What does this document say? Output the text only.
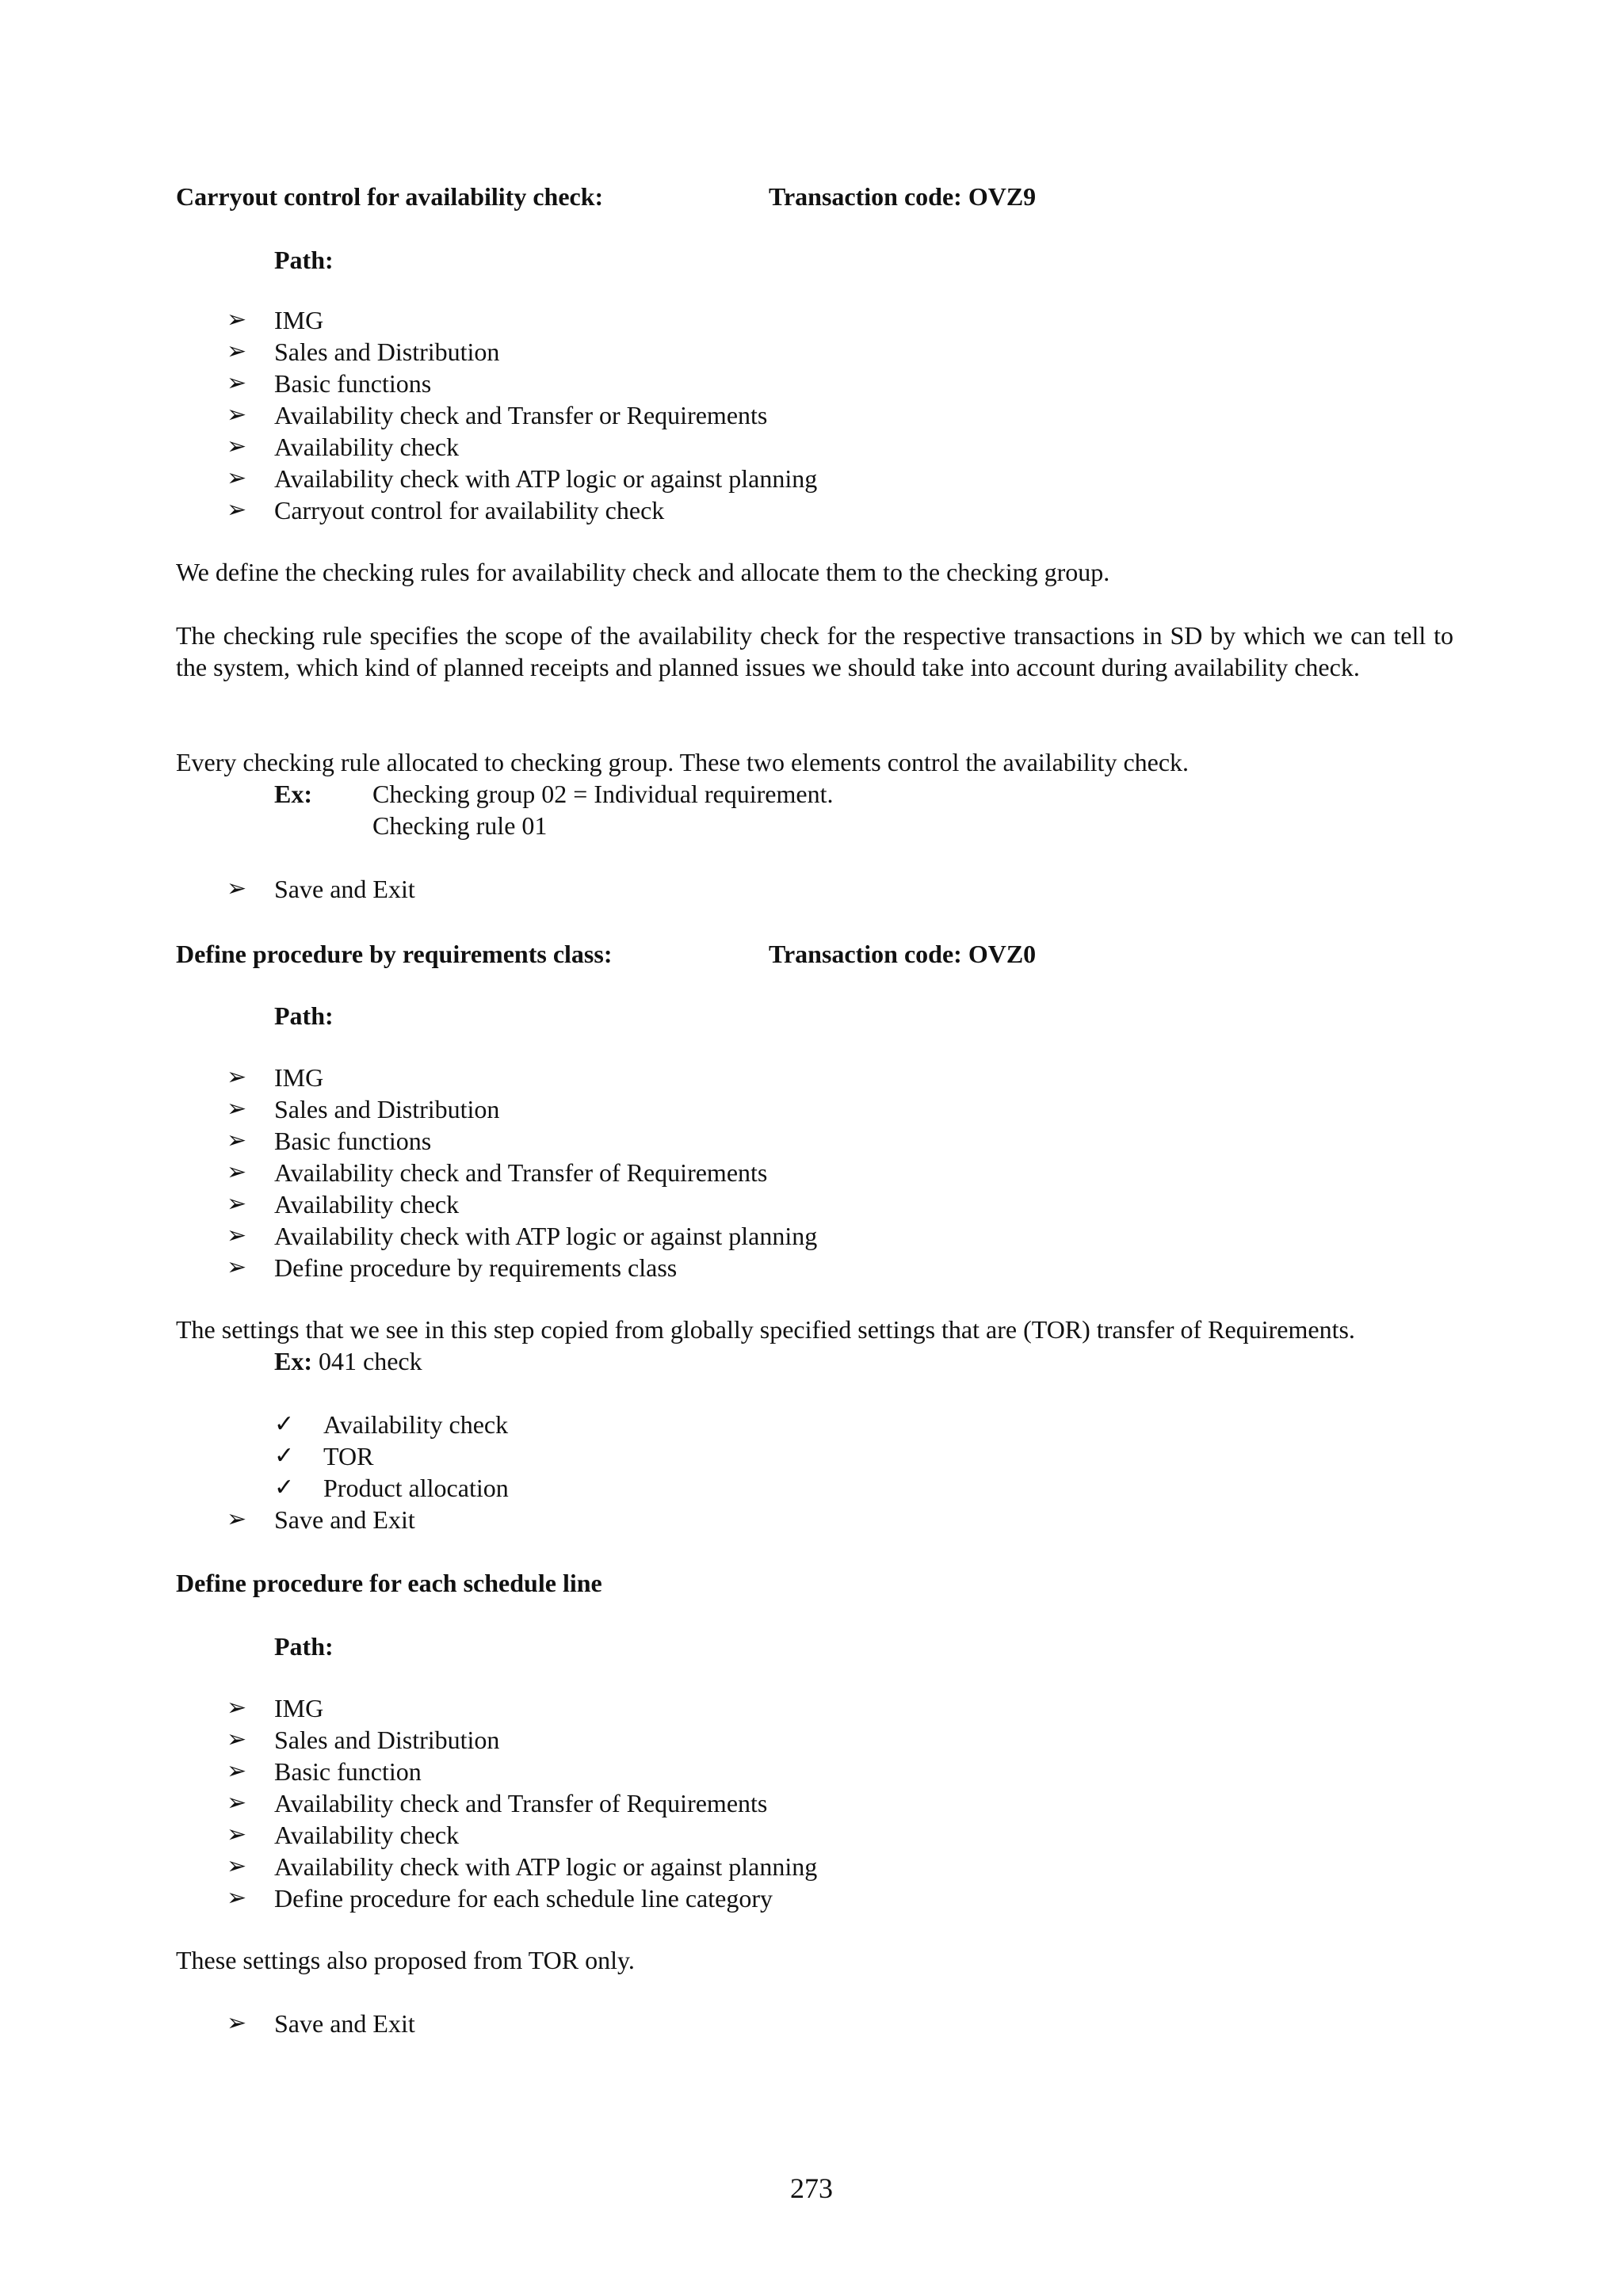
Carryout control for availability check:	Transaction code: OVZ9

Path:

➢ IMG
➢ Sales and Distribution
➢ Basic functions
➢ Availability check and Transfer or Requirements
➢ Availability check
➢ Availability check with ATP logic or against planning
➢ Carryout control for availability check

We define the checking rules for availability check and allocate them to the checking group.

The checking rule specifies the scope of the availability check for the respective transactions in SD by which we can tell to the system, which kind of planned receipts and planned issues we should take into account during availability check.

Every checking rule allocated to checking group. These two elements control the availability check.

Ex: Checking group 02 = Individual requirement.

Checking rule 01

➢ Save and Exit

Define procedure by requirements class:	Transaction code: OVZ0

Path:

➢ IMG
➢ Sales and Distribution
➢ Basic functions
➢ Availability check and Transfer of Requirements
➢ Availability check
➢ Availability check with ATP logic or against planning
➢ Define procedure by requirements class

The settings that we see in this step copied from globally specified settings that are (TOR) transfer of Requirements.

Ex: 041 check

✓ Availability check
✓ TOR
✓ Product allocation
➢ Save and Exit

Define procedure for each schedule line

Path:

➢ IMG
➢ Sales and Distribution
➢ Basic function
➢ Availability check and Transfer of Requirements
➢ Availability check
➢ Availability check with ATP logic or against planning
➢ Define procedure for each schedule line category

These settings also proposed from TOR only.

➢ Save and Exit
273
